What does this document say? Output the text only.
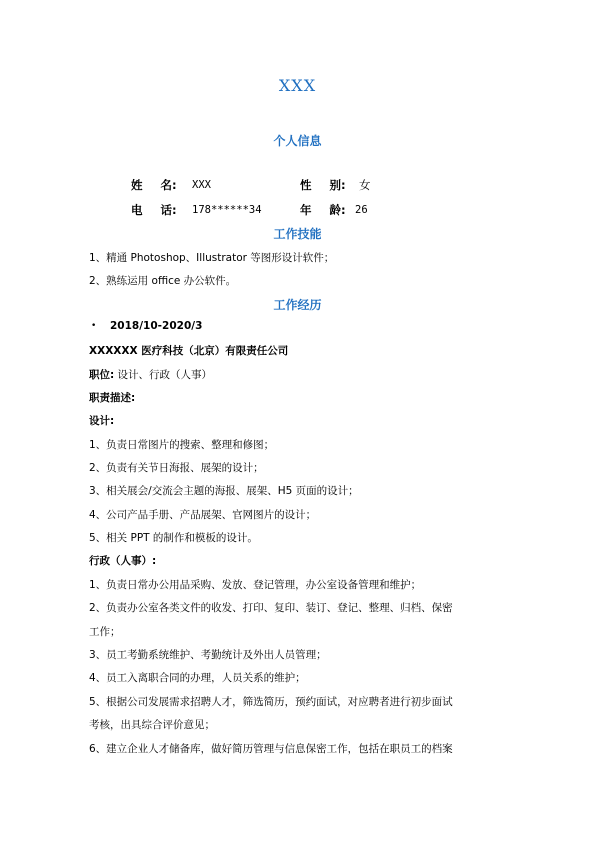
XXX
个人信息
姓 名: XXX	性 别: 女
电 话: 178******34	年 龄: 26
工作技能
1、精通 Photoshop、Illustrator 等图形设计软件；
2、熟练运用 office 办公软件。
工作经历
• 2018/10-2020/3
XXXXXX 医疗科技（北京）有限责任公司
职位: 设计、行政（人事）
职责描述:
设计:
1、负责日常图片的搜索、整理和修图；
2、负责有关节日海报、展架的设计；
3、相关展会/交流会主题的海报、展架、H5 页面的设计；
4、公司产品手册、产品展架、官网图片的设计；
5、相关 PPT 的制作和模板的设计。
行政（人事）:
1、负责日常办公用品采购、发放、登记管理，办公室设备管理和维护；
2、负责办公室各类文件的收发、打印、复印、装订、登记、整理、归档、保密
工作；
3、员工考勤系统维护、考勤统计及外出人员管理；
4、员工入离职合同的办理，人员关系的维护；
5、根据公司发展需求招聘人才，筛选简历，预约面试，对应聘者进行初步面试
考核，出具综合评价意见；
6、建立企业人才储备库，做好简历管理与信息保密工作，包括在职员工的档案
